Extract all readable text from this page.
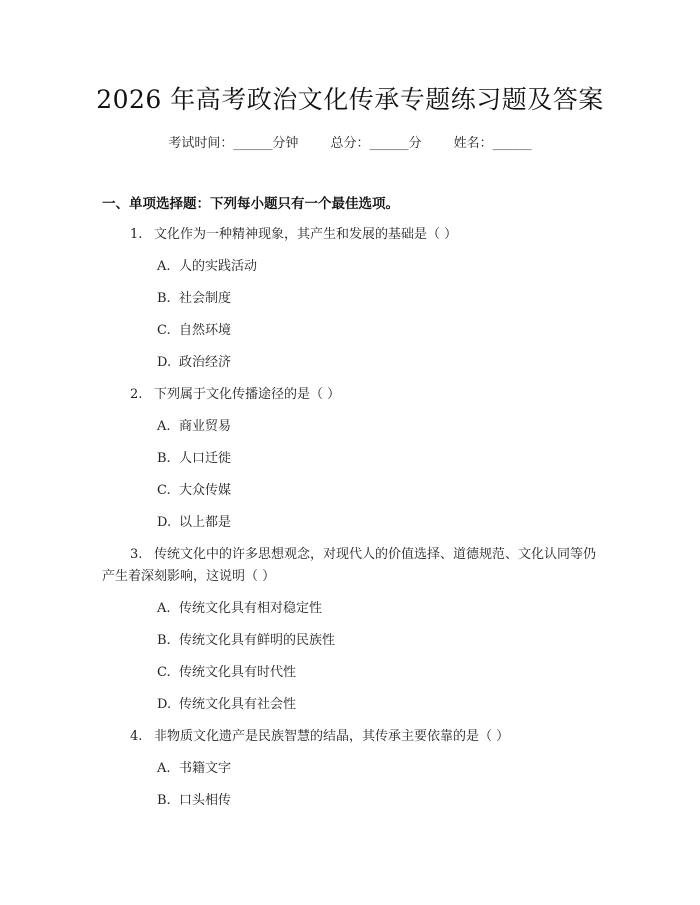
2026 年高考政治文化传承专题练习题及答案
考试时间：______分钟 总分：______分 姓名：______
一、单项选择题：下列每小题只有一个最佳选项。

1. 文化作为一种精神现象，其产生和发展的基础是（ ）

A. 人的实践活动
B. 社会制度
C. 自然环境
D. 政治经济

2. 下列属于文化传播途径的是（ ）

A. 商业贸易
B. 人口迁徙
C. 大众传媒
D. 以上都是

3. 传统文化中的许多思想观念，对现代人的价值选择、道德规范、文化认同等仍产生着深刻影响，这说明（ ）

A. 传统文化具有相对稳定性
B. 传统文化具有鲜明的民族性
C. 传统文化具有时代性
D. 传统文化具有社会性

4. 非物质文化遗产是民族智慧的结晶，其传承主要依靠的是（ ）

A. 书籍文字
B. 口头相传
